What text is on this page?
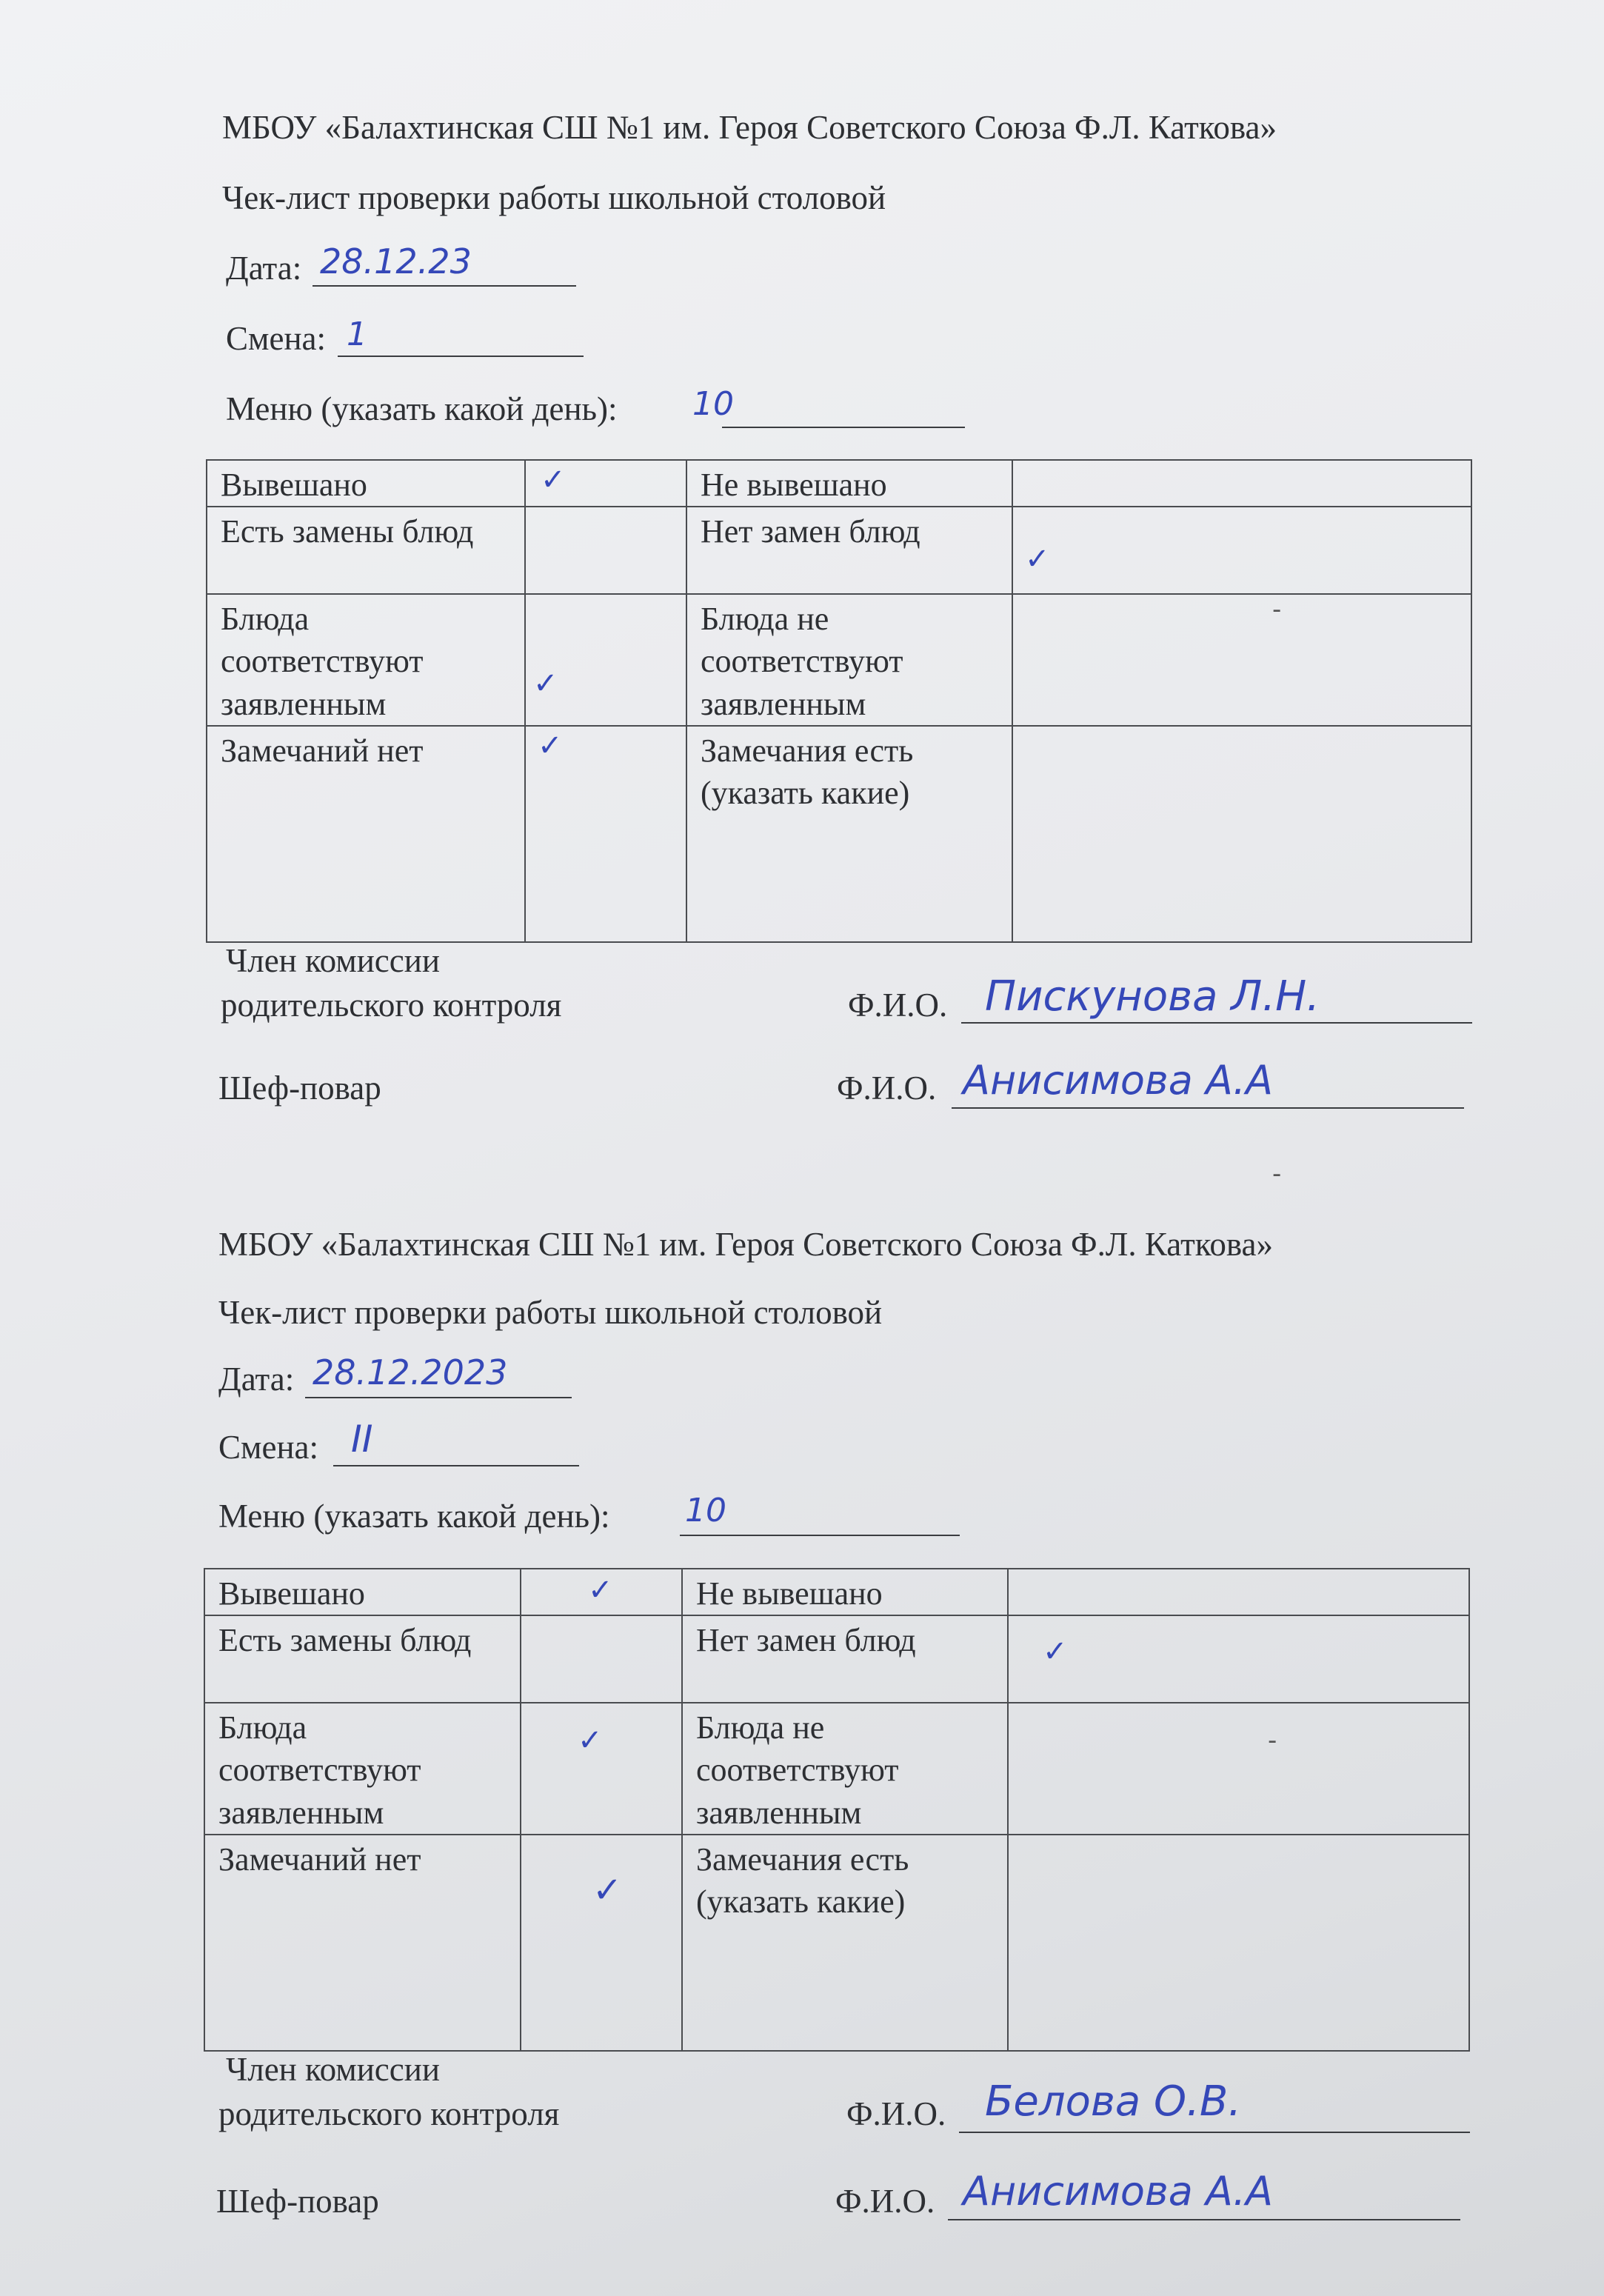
МБОУ «Балахтинская СШ №1 им. Героя Советского Союза Ф.Л. Каткова»
Чек-лист проверки работы школьной столовой
Дата: 28.12.23
Смена: 1
Меню (указать какой день): 10
Вывешано	✓	Не вывешано	

Есть замены блюд		Нет замен блюд	✓

Блюда соответствуют заявленным	✓	Блюда не соответствуют заявленным	-

Замечаний нет	✓	Замечания есть (указать какие)	
Член комиссии
родительского контроля	Ф.И.О. Пискунова Л.Н.
Шеф-повар	Ф.И.О. Анисимова А.А
-
МБОУ «Балахтинская СШ №1 им. Героя Советского Союза Ф.Л. Каткова»
Чек-лист проверки работы школьной столовой
Дата: 28.12.2023
Смена: II
Меню (указать какой день): 10
Вывешано	✓	Не вывешано	

Есть замены блюд		Нет замен блюд	✓

Блюда соответствуют заявленным	✓	Блюда не соответствуют заявленным	-

Замечаний нет	✓	Замечания есть (указать какие)	
Член комиссии
родительского контроля	Ф.И.О. Белова О.В.
Шеф-повар	Ф.И.О. Анисимова А.А
